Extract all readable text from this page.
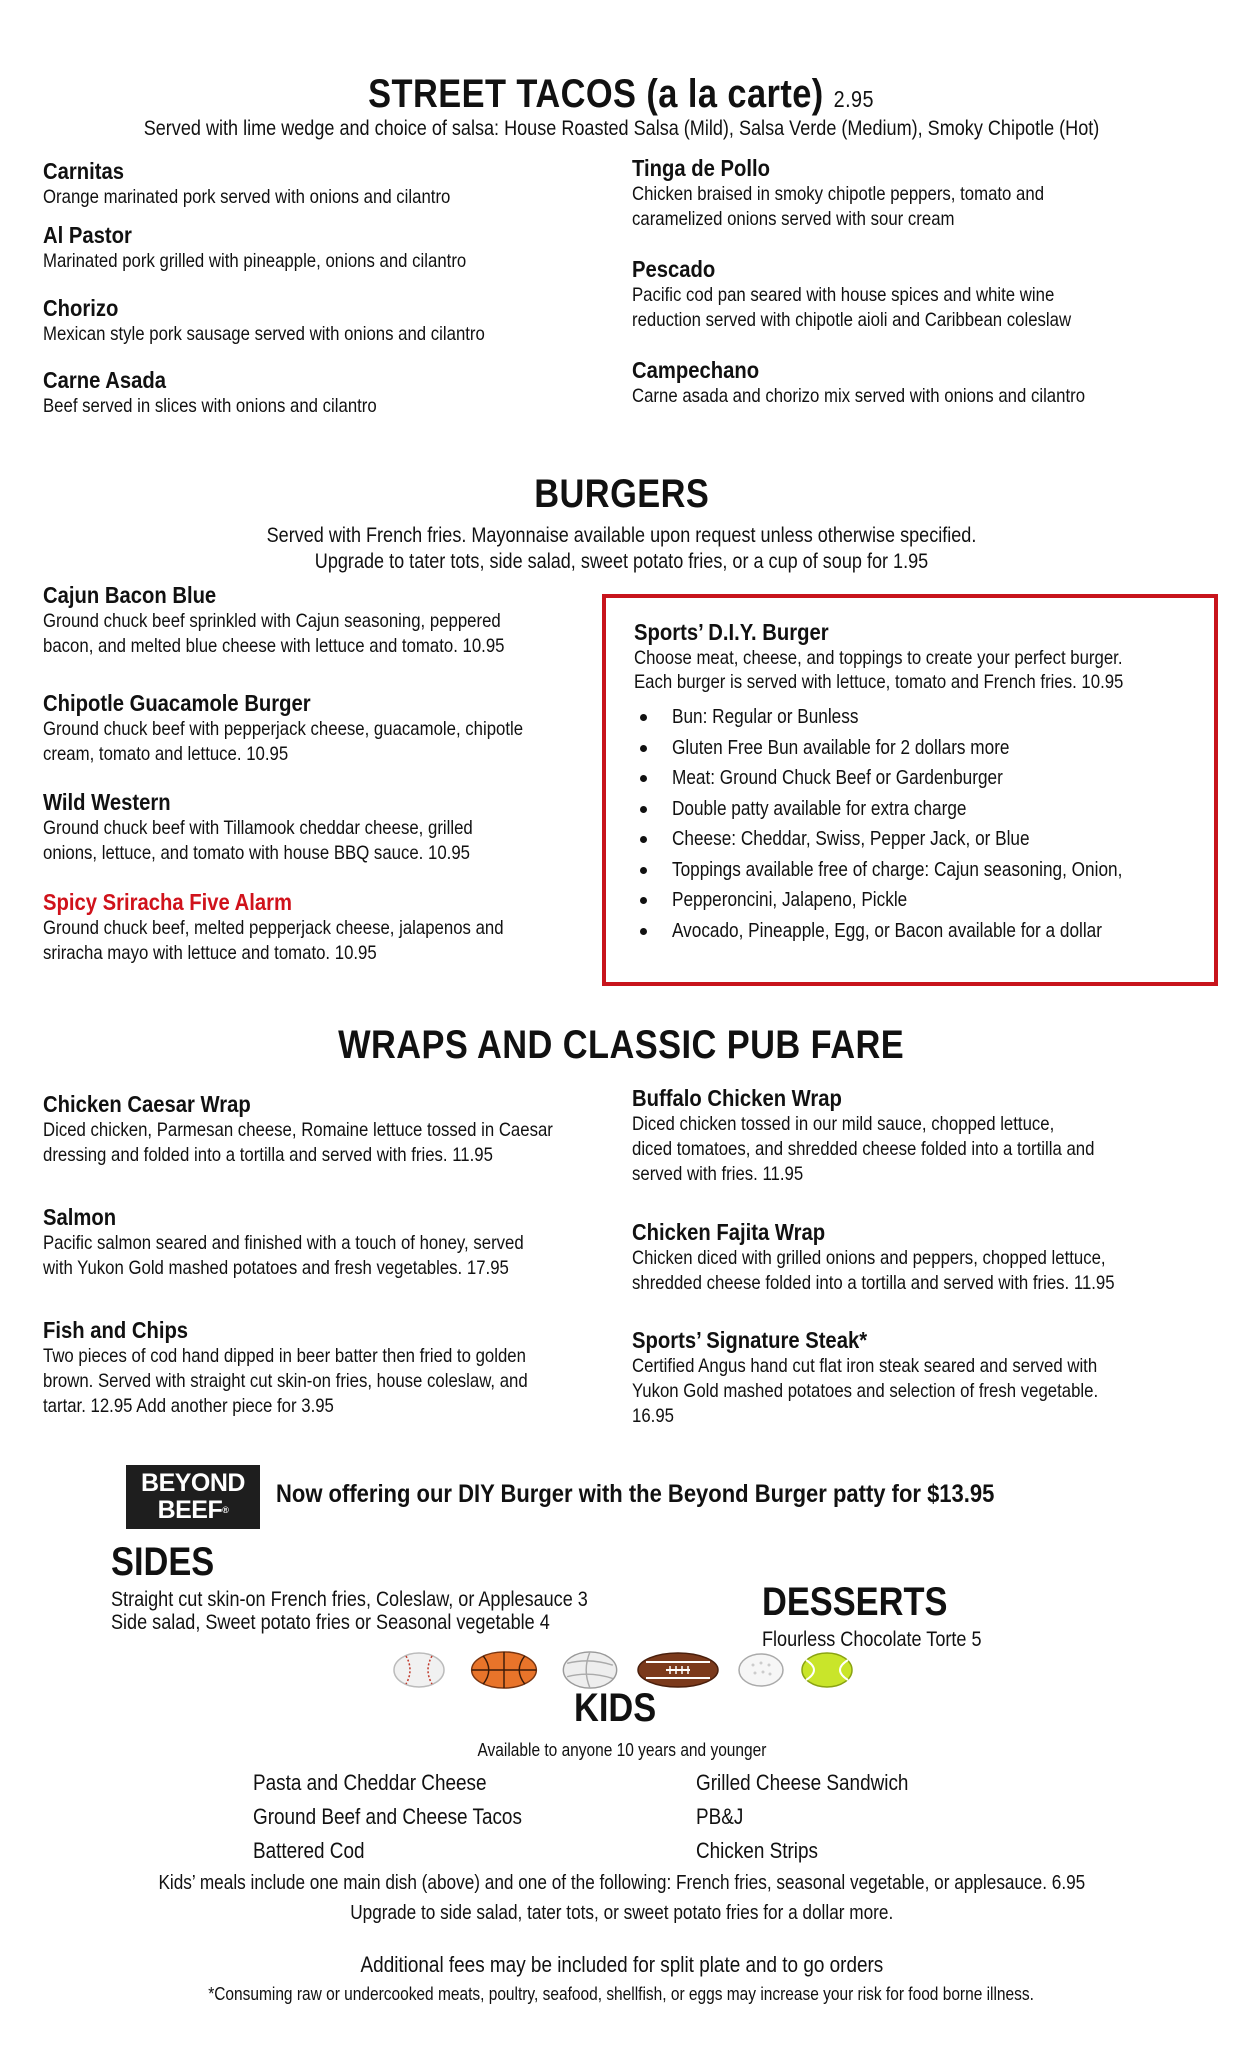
STREET TACOS (a la carte) 2.95
Served with lime wedge and choice of salsa: House Roasted Salsa (Mild), Salsa Verde (Medium), Smoky Chipotle (Hot)
Carnitas
Orange marinated pork served with onions and cilantro
Al Pastor
Marinated pork grilled with pineapple, onions and cilantro
Chorizo
Mexican style pork sausage served with onions and cilantro
Carne Asada
Beef served in slices with onions and cilantro
Tinga de Pollo
Chicken braised in smoky chipotle peppers, tomato and
caramelized onions served with sour cream
Pescado
Pacific cod pan seared with house spices and white wine
reduction served with chipotle aioli and Caribbean coleslaw
Campechano
Carne asada and chorizo mix served with onions and cilantro
BURGERS
Served with French fries. Mayonnaise available upon request unless otherwise specified.
Upgrade to tater tots, side salad, sweet potato fries, or a cup of soup for 1.95
Cajun Bacon Blue
Ground chuck beef sprinkled with Cajun seasoning, peppered
bacon, and melted blue cheese with lettuce and tomato. 10.95
Chipotle Guacamole Burger
Ground chuck beef with pepperjack cheese, guacamole, chipotle
cream, tomato and lettuce. 10.95
Wild Western
Ground chuck beef with Tillamook cheddar cheese, grilled
onions, lettuce, and tomato with house BBQ sauce. 10.95
Spicy Sriracha Five Alarm
Ground chuck beef, melted pepperjack cheese, jalapenos and
sriracha mayo with lettuce and tomato. 10.95
Sports’ D.I.Y. Burger
Choose meat, cheese, and toppings to create your perfect burger.
Each burger is served with lettuce, tomato and French fries. 10.95
Bun: Regular or Bunless
Gluten Free Bun available for 2 dollars more
Meat: Ground Chuck Beef or Gardenburger
Double patty available for extra charge
Cheese: Cheddar, Swiss, Pepper Jack, or Blue
Toppings available free of charge: Cajun seasoning, Onion,
Pepperoncini, Jalapeno, Pickle
Avocado, Pineapple, Egg, or Bacon available for a dollar
WRAPS AND CLASSIC PUB FARE
Chicken Caesar Wrap
Diced chicken, Parmesan cheese, Romaine lettuce tossed in Caesar
dressing and folded into a tortilla and served with fries. 11.95
Salmon
Pacific salmon seared and finished with a touch of honey, served
with Yukon Gold mashed potatoes and fresh vegetables. 17.95
Fish and Chips
Two pieces of cod hand dipped in beer batter then fried to golden
brown. Served with straight cut skin-on fries, house coleslaw, and
tartar. 12.95 Add another piece for 3.95
Buffalo Chicken Wrap
Diced chicken tossed in our mild sauce, chopped lettuce,
diced tomatoes, and shredded cheese folded into a tortilla and
served with fries. 11.95
Chicken Fajita Wrap
Chicken diced with grilled onions and peppers, chopped lettuce,
shredded cheese folded into a tortilla and served with fries. 11.95
Sports’ Signature Steak*
Certified Angus hand cut flat iron steak seared and served with
Yukon Gold mashed potatoes and selection of fresh vegetable.
16.95
BEYOND
BEEF®
Now offering our DIY Burger with the Beyond Burger patty for $13.95
SIDES
Straight cut skin-on French fries, Coleslaw, or Applesauce 3
Side salad, Sweet potato fries or Seasonal vegetable 4	DESSERTS
Flourless Chocolate Torte 5
KIDS
Available to anyone 10 years and younger
Pasta and Cheddar Cheese
Ground Beef and Cheese Tacos
Battered Cod
Grilled Cheese Sandwich
PB&J
Chicken Strips
Kids’ meals include one main dish (above) and one of the following: French fries, seasonal vegetable, or applesauce. 6.95
Upgrade to side salad, tater tots, or sweet potato fries for a dollar more.
Additional fees may be included for split plate and to go orders
*Consuming raw or undercooked meats, poultry, seafood, shellfish, or eggs may increase your risk for food borne illness.
